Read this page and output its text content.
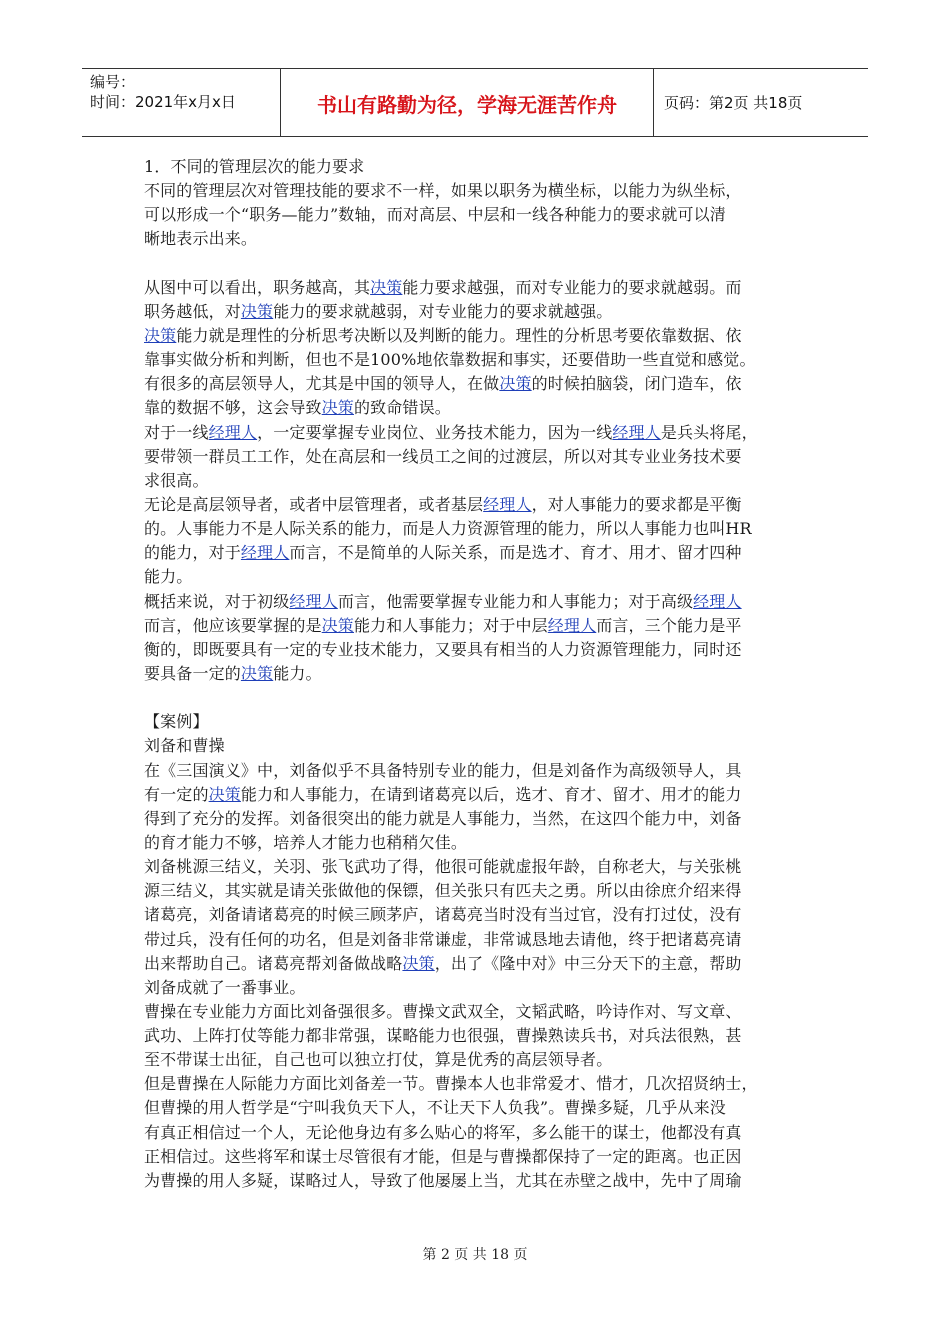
编号：
时间：2021年x月x日	书山有路勤为径，学海无涯苦作舟	页码：第2页 共18页
1．不同的管理层次的能力要求
不同的管理层次对管理技能的要求不一样，如果以职务为横坐标，以能力为纵坐标，
可以形成一个“职务—能力”数轴，而对高层、中层和一线各种能力的要求就可以清
晰地表示出来。
从图中可以看出，职务越高，其决策能力要求越强，而对专业能力的要求就越弱。而
职务越低，对决策能力的要求就越弱，对专业能力的要求就越强。
决策能力就是理性的分析思考决断以及判断的能力。理性的分析思考要依靠数据、依
靠事实做分析和判断，但也不是100%地依靠数据和事实，还要借助一些直觉和感觉。
有很多的高层领导人，尤其是中国的领导人，在做决策的时候拍脑袋，闭门造车，依
靠的数据不够，这会导致决策的致命错误。
对于一线经理人，一定要掌握专业岗位、业务技术能力，因为一线经理人是兵头将尾，
要带领一群员工工作，处在高层和一线员工之间的过渡层，所以对其专业业务技术要
求很高。
无论是高层领导者，或者中层管理者，或者基层经理人，对人事能力的要求都是平衡
的。人事能力不是人际关系的能力，而是人力资源管理的能力，所以人事能力也叫HR
的能力，对于经理人而言，不是简单的人际关系，而是选才、育才、用才、留才四种
能力。
概括来说，对于初级经理人而言，他需要掌握专业能力和人事能力；对于高级经理人
而言，他应该要掌握的是决策能力和人事能力；对于中层经理人而言，三个能力是平
衡的，即既要具有一定的专业技术能力，又要具有相当的人力资源管理能力，同时还
要具备一定的决策能力。
【案例】
刘备和曹操
在《三国演义》中，刘备似乎不具备特别专业的能力，但是刘备作为高级领导人，具
有一定的决策能力和人事能力，在请到诸葛亮以后，选才、育才、留才、用才的能力
得到了充分的发挥。刘备很突出的能力就是人事能力，当然，在这四个能力中，刘备
的育才能力不够，培养人才能力也稍稍欠佳。
刘备桃源三结义，关羽、张飞武功了得，他很可能就虚报年龄，自称老大，与关张桃
源三结义，其实就是请关张做他的保镖，但关张只有匹夫之勇。所以由徐庶介绍来得
诸葛亮，刘备请诸葛亮的时候三顾茅庐，诸葛亮当时没有当过官，没有打过仗，没有
带过兵，没有任何的功名，但是刘备非常谦虚，非常诚恳地去请他，终于把诸葛亮请
出来帮助自己。诸葛亮帮刘备做战略决策，出了《隆中对》中三分天下的主意，帮助
刘备成就了一番事业。
曹操在专业能力方面比刘备强很多。曹操文武双全，文韬武略，吟诗作对、写文章、
武功、上阵打仗等能力都非常强，谋略能力也很强，曹操熟读兵书，对兵法很熟，甚
至不带谋士出征，自己也可以独立打仗，算是优秀的高层领导者。
但是曹操在人际能力方面比刘备差一节。曹操本人也非常爱才、惜才，几次招贤纳士，
但曹操的用人哲学是“宁叫我负天下人，不让天下人负我”。曹操多疑，几乎从来没
有真正相信过一个人，无论他身边有多么贴心的将军，多么能干的谋士，他都没有真
正相信过。这些将军和谋士尽管很有才能，但是与曹操都保持了一定的距离。也正因
为曹操的用人多疑，谋略过人，导致了他屡屡上当，尤其在赤壁之战中，先中了周瑜
第 2 页 共 18 页
